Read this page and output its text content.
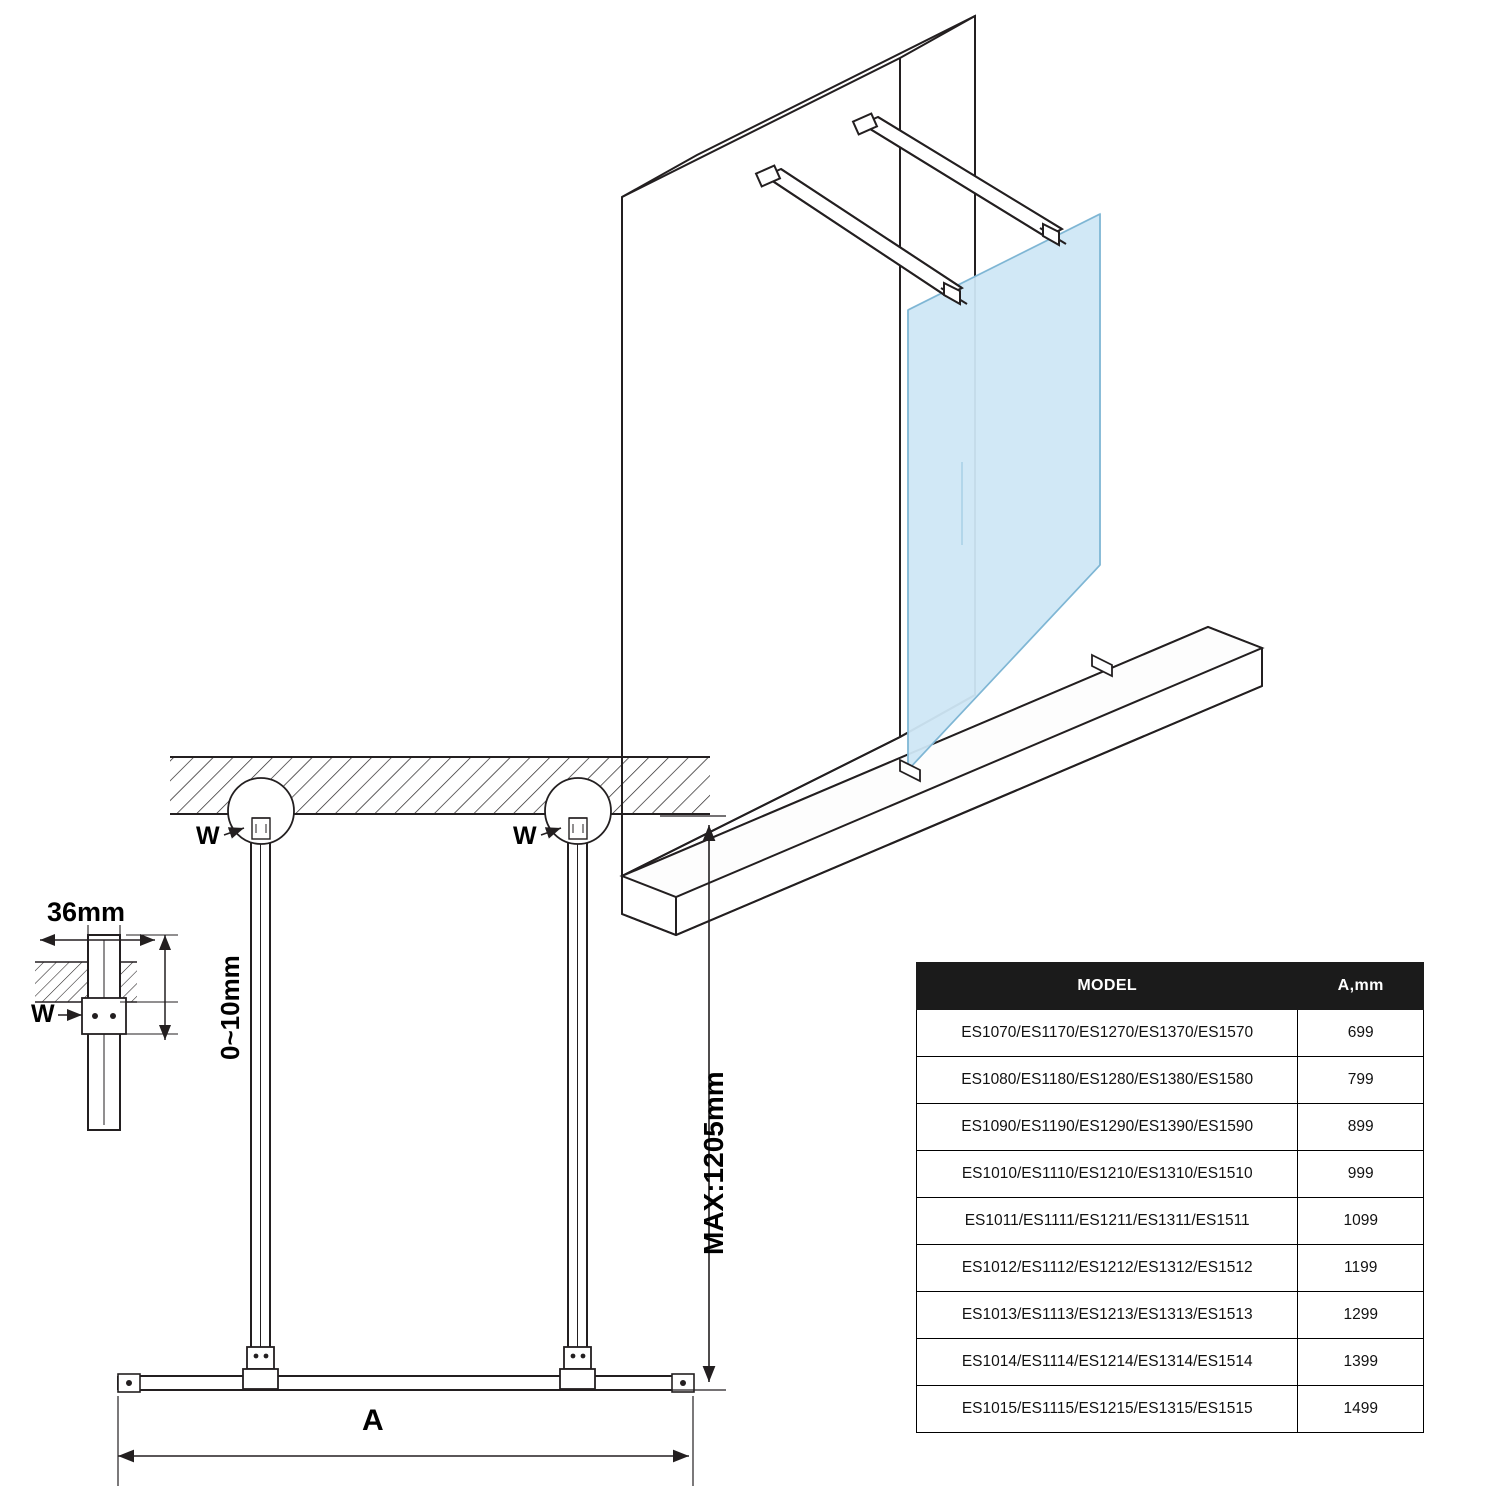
W	W
36mm
W	0~10mm
MAX:1205mm
A
MODEL	A,mm
ES1070/ES1170/ES1270/ES1370/ES1570	699
ES1080/ES1180/ES1280/ES1380/ES1580	799
ES1090/ES1190/ES1290/ES1390/ES1590	899
ES1010/ES1110/ES1210/ES1310/ES1510	999
ES1011/ES1111/ES1211/ES1311/ES1511	1099
ES1012/ES1112/ES1212/ES1312/ES1512	1199
ES1013/ES1113/ES1213/ES1313/ES1513	1299
ES1014/ES1114/ES1214/ES1314/ES1514	1399
ES1015/ES1115/ES1215/ES1315/ES1515	1499
